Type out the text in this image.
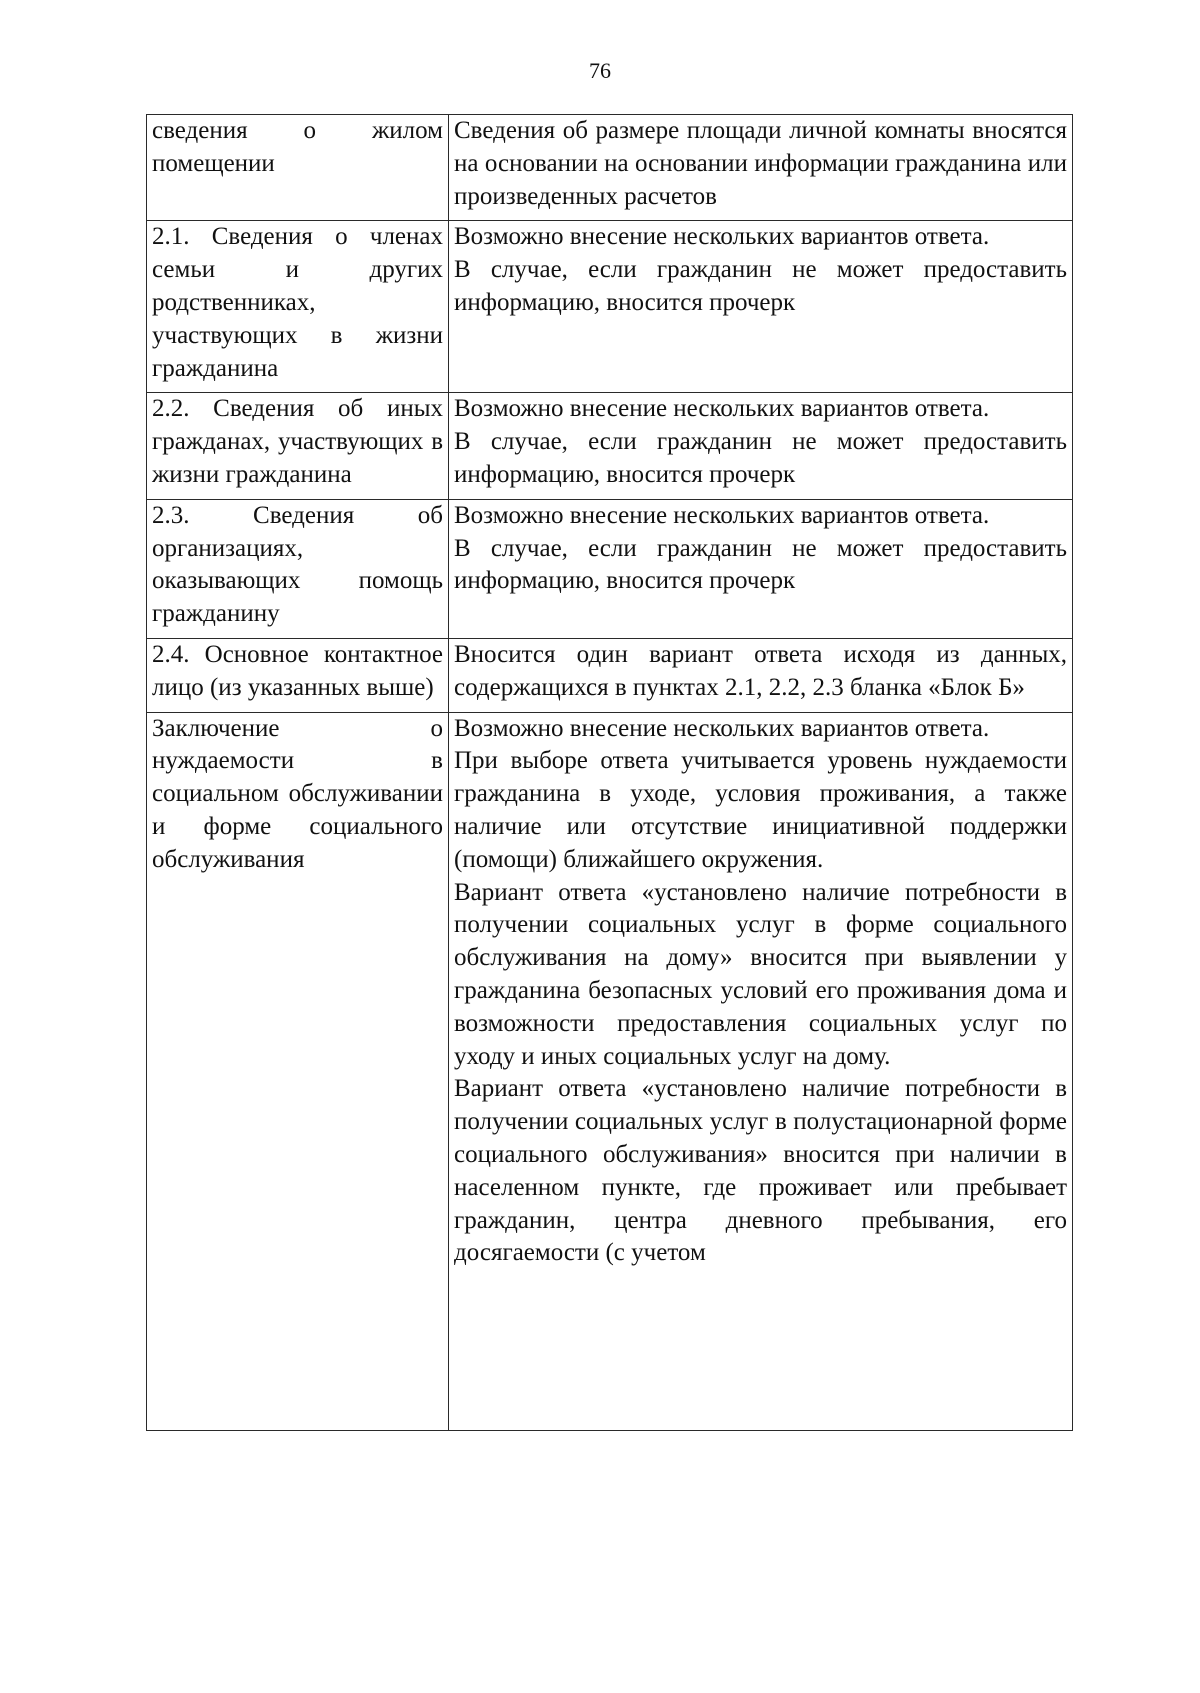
76
сведения о жилом помещении	Сведения об размере площади личной комнаты вносятся на основании на основании информации гражданина или произведенных расчетов

2.1. Сведения о членах семьи и других родственниках, участвующих в жизни гражданина	Возможно внесение нескольких вариантов ответа.
В случае, если гражданин не может предоставить информацию, вносится прочерк

2.2. Сведения об иных гражданах, участвующих в жизни гражданина	Возможно внесение нескольких вариантов ответа.
В случае, если гражданин не может предоставить информацию, вносится прочерк

2.3. Сведения об организациях, оказывающих помощь гражданину	Возможно внесение нескольких вариантов ответа.
В случае, если гражданин не может предоставить информацию, вносится прочерк

2.4. Основное контактное лицо (из указанных выше)	Вносится один вариант ответа исходя из данных, содержащихся в пунктах 2.1, 2.2, 2.3 бланка «Блок Б»

Заключение о нуждаемости в социальном обслуживании и форме социального обслуживания	Возможно внесение нескольких вариантов ответа.
При выборе ответа учитывается уровень нуждаемости гражданина в уходе, условия проживания, а также наличие или отсутствие инициативной поддержки (помощи) ближайшего окружения.
Вариант ответа «установлено наличие потребности в получении социальных услуг в форме социального обслуживания на дому» вносится при выявлении у гражданина безопасных условий его проживания дома и возможности предоставления социальных услуг по уходу и иных социальных услуг на дому.
Вариант ответа «установлено наличие потребности в получении социальных услуг в полустационарной форме социального обслуживания» вносится при наличии в населенном пункте, где проживает или пребывает гражданин, центра дневного пребывания, его досягаемости (с учетом
